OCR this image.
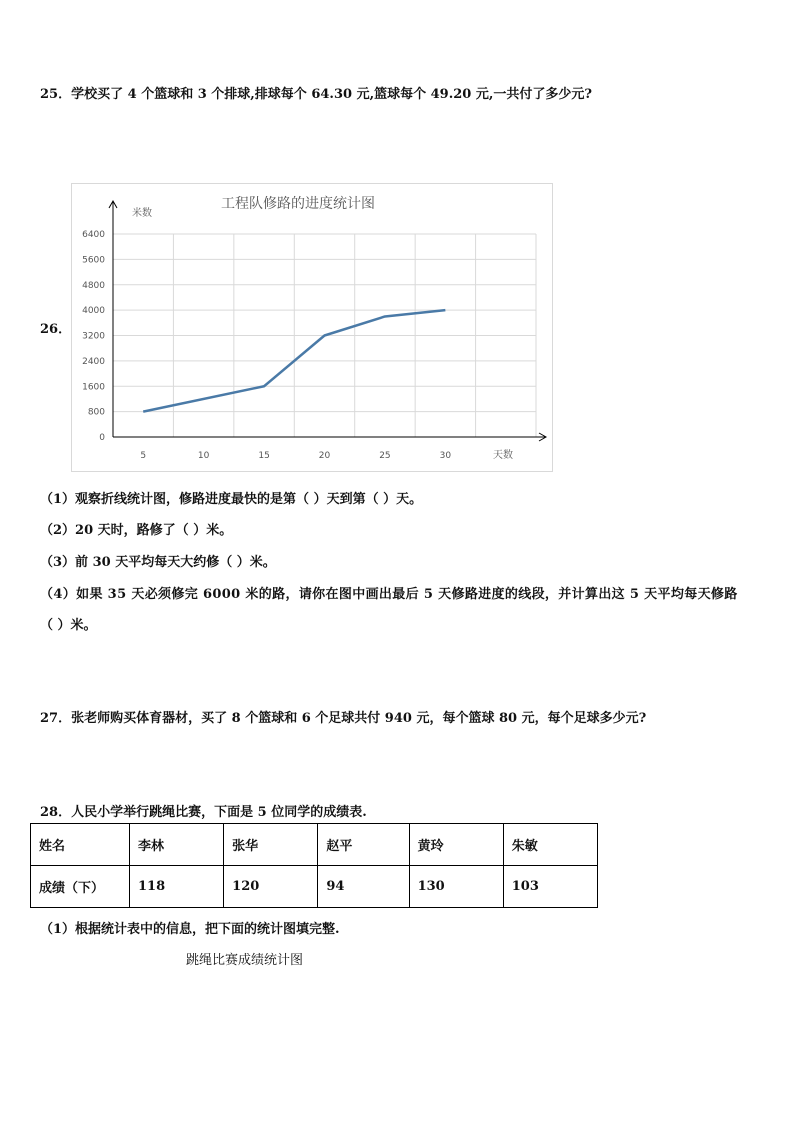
25．学校买了 4 个篮球和 3 个排球,排球每个 64.30 元,篮球每个 49.20 元,一共付了多少元?
26．
0
800
1600
2400
3200
4000
4800
5600
6400
5	10	15	20	25	30
工程队修路的进度统计图
米数
天数
（1）观察折线统计图，修路进度最快的是第（ ）天到第（ ）天。
（2）20 天时，路修了（ ）米。
（3）前 30 天平均每天大约修（ ）米。
（4）如果 35 天必须修完 6000 米的路，请你在图中画出最后 5 天修路进度的线段，并计算出这 5 天平均每天修路
（ ）米。
27．张老师购买体育器材，买了 8 个篮球和 6 个足球共付 940 元，每个篮球 80 元，每个足球多少元?
28．人民小学举行跳绳比赛，下面是 5 位同学的成绩表.
姓名	李林	张华	赵平	黄玲	朱敏
成绩（下）	118	120	94	130	103
（1）根据统计表中的信息，把下面的统计图填完整.
跳绳比赛成绩统计图
